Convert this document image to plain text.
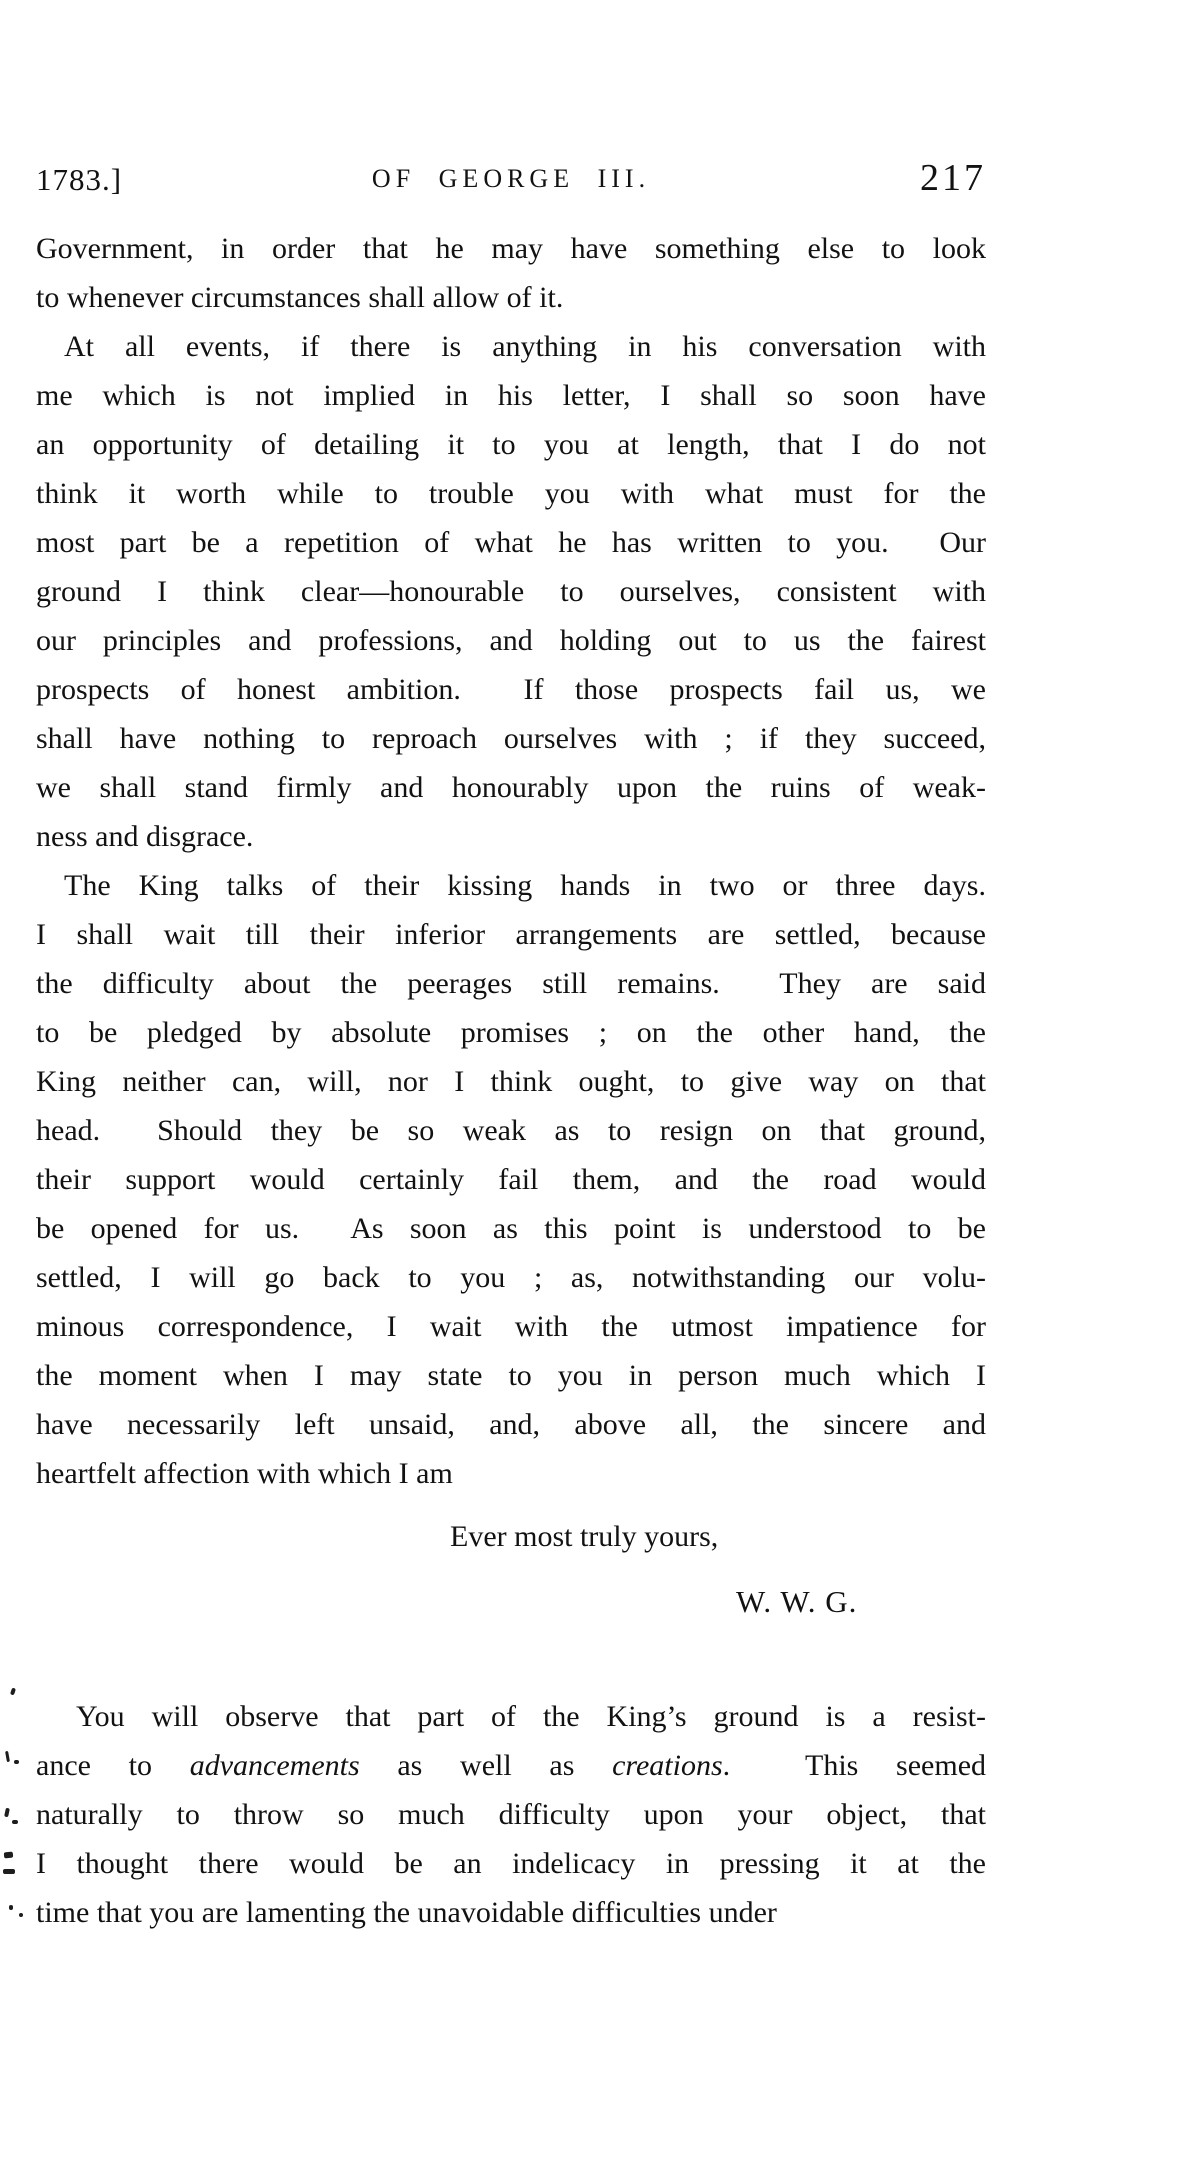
1783.]	OF GEORGE III.	217
Government, in order that he may have something else to look
to whenever circumstances shall allow of it.
At all events, if there is anything in his conversation with
me which is not implied in his letter, I shall so soon have
an opportunity of detailing it to you at length, that I do not
think it worth while to trouble you with what must for the
most part be a repetition of what he has written to you.  Our
ground I think clear—honourable to ourselves, consistent with
our principles and professions, and holding out to us the fairest
prospects of honest ambition.  If those prospects fail us, we
shall have nothing to reproach ourselves with ; if they succeed,
we shall stand firmly and honourably upon the ruins of weak-
ness and disgrace.
The King talks of their kissing hands in two or three days.
I shall wait till their inferior arrangements are settled, because
the difficulty about the peerages still remains.  They are said
to be pledged by absolute promises ; on the other hand, the
King neither can, will, nor I think ought, to give way on that
head.  Should they be so weak as to resign on that ground,
their support would certainly fail them, and the road would
be opened for us.  As soon as this point is understood to be
settled, I will go back to you ; as, notwithstanding our volu-
minous correspondence, I wait with the utmost impatience for
the moment when I may state to you in person much which I
have necessarily left unsaid, and, above all, the sincere and
heartfelt affection with which I am
Ever most truly yours,
W. W. G.
You will observe that part of the King’s ground is a resist-
ance to advancements as well as creations.  This seemed
naturally to throw so much difficulty upon your object, that
I thought there would be an indelicacy in pressing it at the
time that you are lamenting the unavoidable difficulties under
